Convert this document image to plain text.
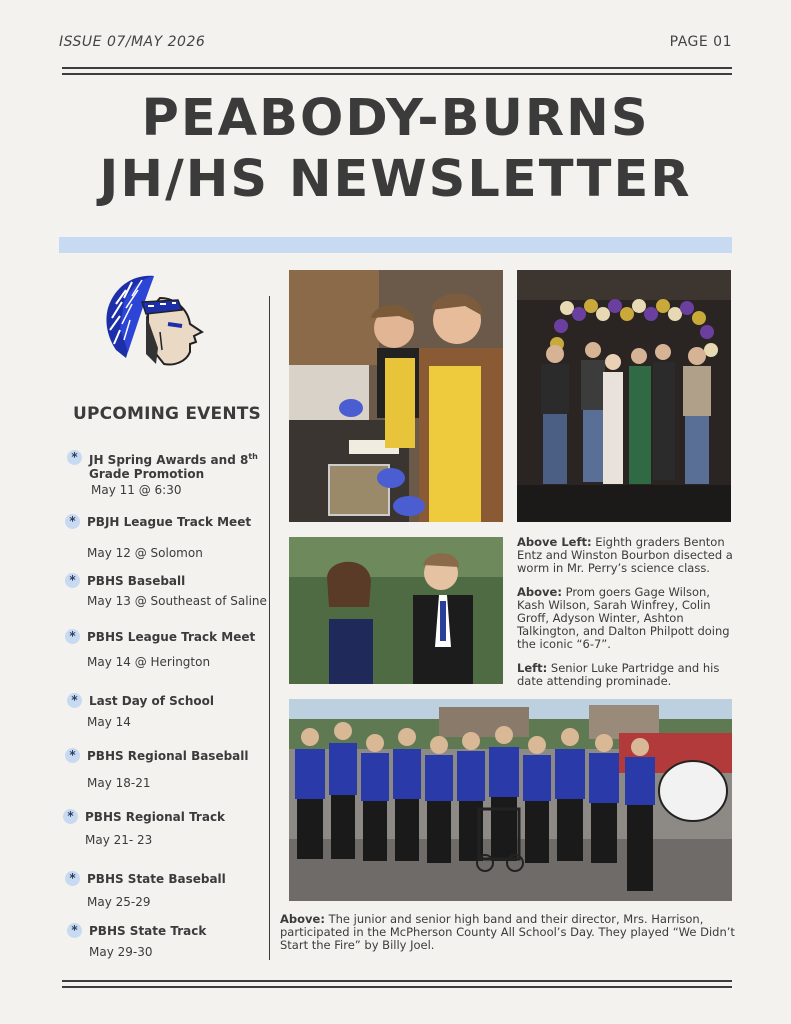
ISSUE 07/MAY 2026	PAGE 01
PEABODY-BURNS
JH/HS NEWSLETTER
UPCOMING EVENTS
* JH Spring Awards and 8th
Grade Promotion
May 11 @ 6:30
* PBJH League Track Meet
May 12 @ Solomon
* PBHS Baseball
May 13 @ Southeast of Saline
* PBHS League Track Meet
May 14 @ Herington
* Last Day of School
May 14
* PBHS Regional Baseball
May 18-21
* PBHS Regional Track
May 21- 23
* PBHS State Baseball
May 25-29
* PBHS State Track
May 29-30
Above Left: Eighth graders Benton Entz and Winston Bourbon disected a worm in Mr. Perry’s science class.
Above: Prom goers Gage Wilson, Kash Wilson, Sarah Winfrey, Colin Groff, Adyson Winter, Ashton Talkington, and Dalton Philpott doing the iconic “6-7”.
Left: Senior Luke Partridge and his date attending prominade.
Above: The junior and senior high band and their director, Mrs. Harrison, participated in the McPherson County All School’s Day. They played “We Didn’t Start the Fire” by Billy Joel.
